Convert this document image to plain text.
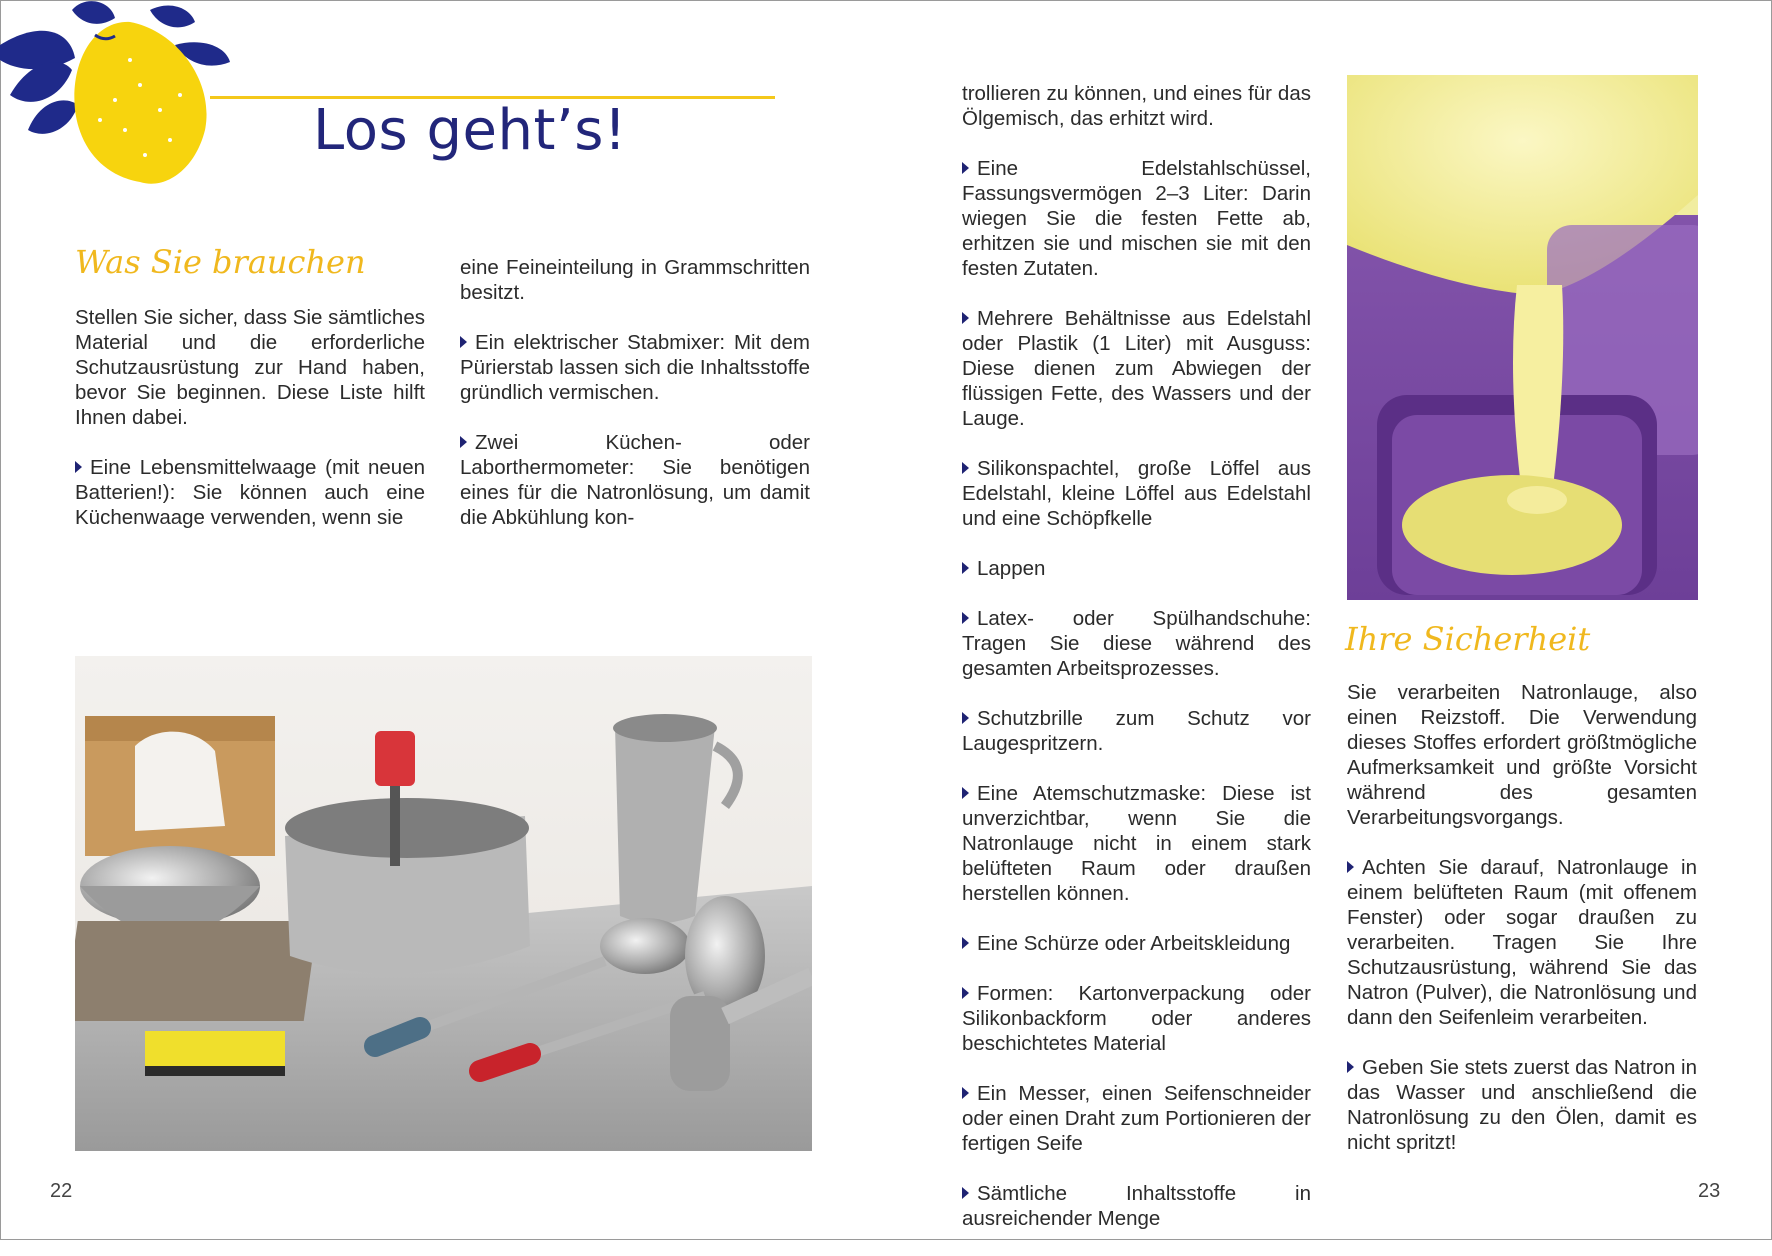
Los geht’s!
Was Sie brauchen

Stellen Sie sicher, dass Sie sämtliches Material und die erforderliche Schutzausrüstung zur Hand haben, bevor Sie beginnen. Diese Liste hilft Ihnen dabei.

Eine Lebensmittelwaage (mit neuen Batterien!): Sie können auch eine Küchenwaage verwenden, wenn sie

eine Feineinteilung in Grammschritten besitzt.

Ein elektrischer Stabmixer: Mit dem Pürierstab lassen sich die Inhaltsstoffe gründlich vermischen.

Zwei Küchen- oder Laborthermometer: Sie benötigen eines für die Natronlösung, um damit die Abkühlung kon-

trollieren zu können, und eines für das Ölgemisch, das erhitzt wird.

Eine Edelstahlschüssel, Fassungsvermögen 2–3 Liter: Darin wiegen Sie die festen Fette ab, erhitzen sie und mischen sie mit den festen Zutaten.

Mehrere Behältnisse aus Edelstahl oder Plastik (1 Liter) mit Ausguss: Diese dienen zum Abwiegen der flüssigen Fette, des Wassers und der Lauge.

Silikonspachtel, große Löffel aus Edelstahl, kleine Löffel aus Edelstahl und eine Schöpfkelle

Lappen

Latex- oder Spülhandschuhe: Tragen Sie diese während des gesamten Arbeitsprozesses.

Schutzbrille zum Schutz vor Laugespritzern.

Eine Atemschutzmaske: Diese ist unverzichtbar, wenn Sie die Natronlauge nicht in einem stark belüfteten Raum oder draußen herstellen können.

Eine Schürze oder Arbeitskleidung

Formen: Kartonverpackung oder Silikonbackform oder anderes beschichtetes Material

Ein Messer, einen Seifenschneider oder einen Draht zum Portionieren der fertigen Seife

Sämtliche Inhaltsstoffe in ausreichender Menge

Ihre Sicherheit

Sie verarbeiten Natronlauge, also einen Reizstoff. Die Verwendung dieses Stoffes erfordert größtmögliche Aufmerksamkeit und größte Vorsicht während des gesamten Verarbeitungsvorgangs.

Achten Sie darauf, Natronlauge in einem belüfteten Raum (mit offenem Fenster) oder sogar draußen zu verarbeiten. Tragen Sie Ihre Schutzausrüstung, während Sie das Natron (Pulver), die Natronlösung und dann den Seifenleim verarbeiten.

Geben Sie stets zuerst das Natron in das Wasser und anschließend die Natronlösung zu den Ölen, damit es nicht spritzt!

22	23
